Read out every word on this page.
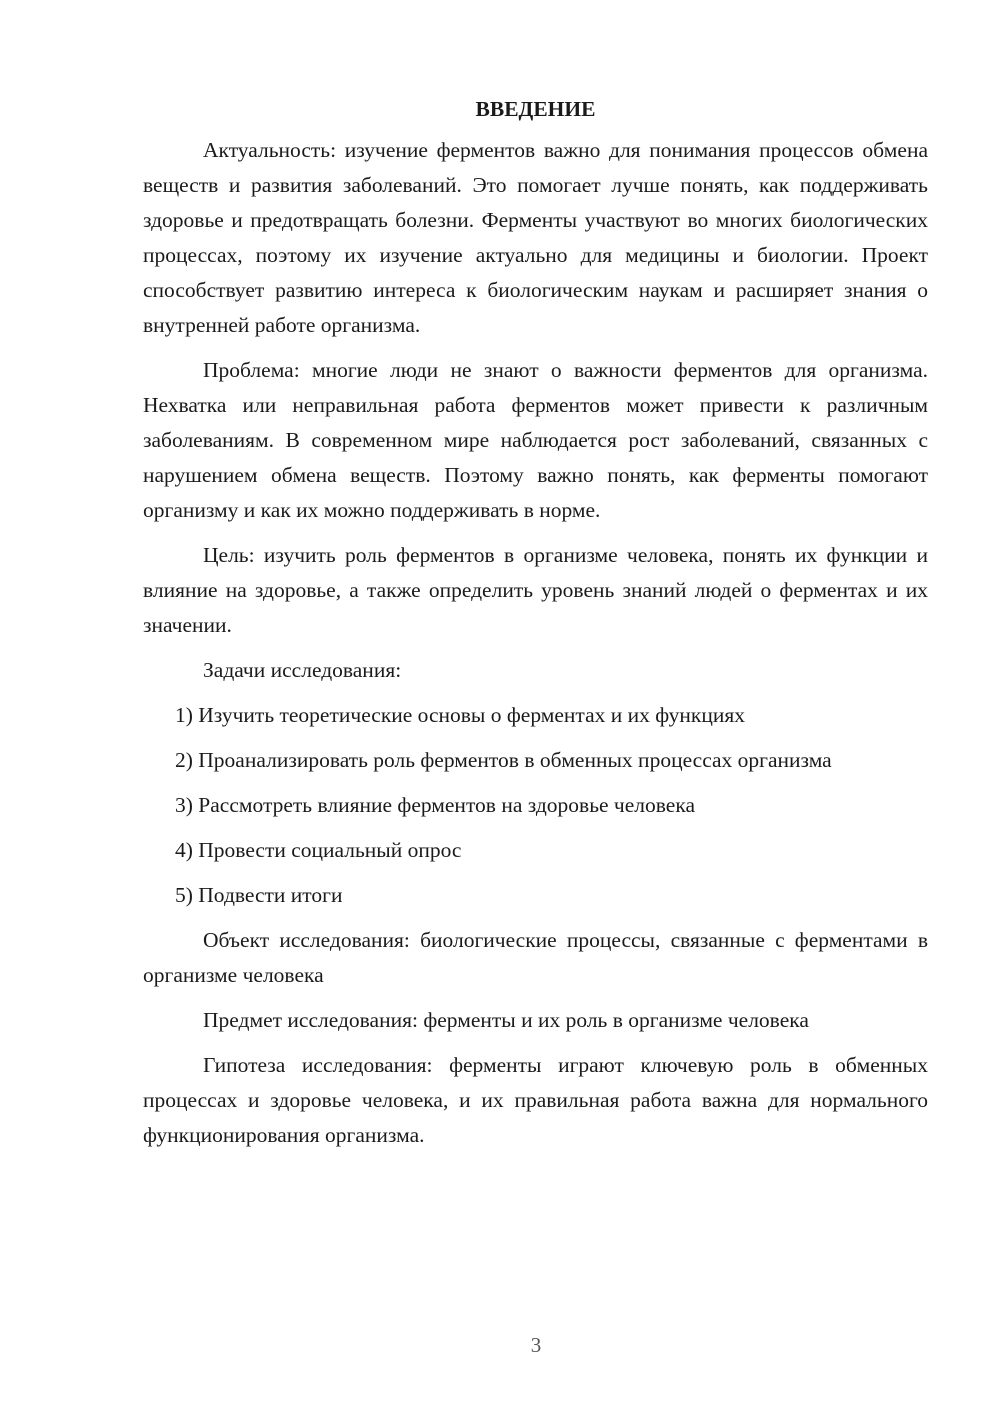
ВВЕДЕНИЕ

Актуальность: изучение ферментов важно для понимания процессов обмена веществ и развития заболеваний. Это помогает лучше понять, как поддерживать здоровье и предотвращать болезни. Ферменты участвуют во многих биологических процессах, поэтому их изучение актуально для медицины и биологии. Проект способствует развитию интереса к биологическим наукам и расширяет знания о внутренней работе организма.

Проблема: многие люди не знают о важности ферментов для организма. Нехватка или неправильная работа ферментов может привести к различным заболеваниям. В современном мире наблюдается рост заболеваний, связанных с нарушением обмена веществ. Поэтому важно понять, как ферменты помогают организму и как их можно поддерживать в норме.

Цель: изучить роль ферментов в организме человека, понять их функции и влияние на здоровье, а также определить уровень знаний людей о ферментах и их значении.

Задачи исследования:

1) Изучить теоретические основы о ферментах и их функциях

2) Проанализировать роль ферментов в обменных процессах организма

3) Рассмотреть влияние ферментов на здоровье человека

4) Провести социальный опрос

5) Подвести итоги

Объект исследования: биологические процессы, связанные с ферментами в организме человека

Предмет исследования: ферменты и их роль в организме человека

Гипотеза исследования: ферменты играют ключевую роль в обменных процессах и здоровье человека, и их правильная работа важна для нормального функционирования организма.

3
